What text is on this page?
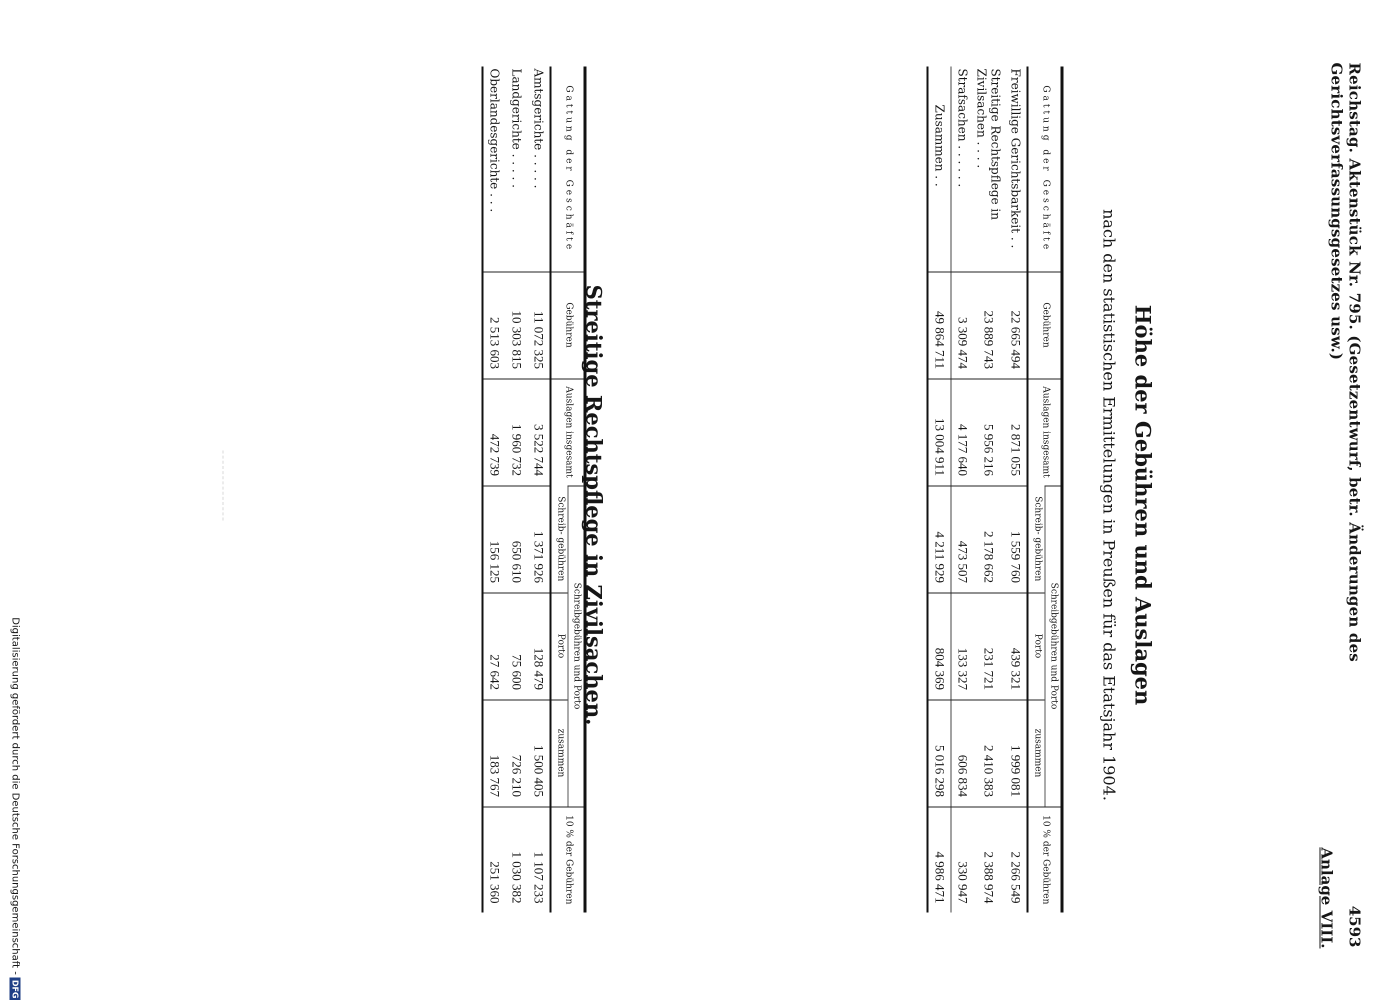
Reichstag. Aktenstück Nr. 795. (Gesetzentwurf, betr. Änderungen des Gerichtsverfassungsgesetzes usw.)
4593
Anlage VIII.
Höhe der Gebühren und Auslagen
nach den statistischen Ermittelungen in Preußen für das Etatsjahr 1904.
Gattung der Geschäfte	Gebühren	Auslagen insgesamt	Schreibgebühren und Porto			10 % der Gebühren
			Schreib- gebühren	Porto	zusammen	
Freiwillige Gerichtsbarkeit . .	22 665 494	2 871 055	1 559 760	439 321	1 999 081	2 266 549
Streitige Rechtspflege in Zivilsachen . . . .	23 889 743	5 956 216	2 178 662	231 721	2 410 383	2 388 974
Strafsachen . . . . . .	3 309 474	4 177 640	473 507	133 327	606 834	330 947
Zusammen . .	49 864 711	13 004 911	4 211 929	804 369	5 016 298	4 986 471
Streitige Rechtspflege in Zivilsachen.
Gattung der Geschäfte	Gebühren	Auslagen insgesamt	Schreibgebühren und Porto			10 % der Gebühren
			Schreib- gebühren	Porto	zusammen	
Amtsgerichte . . . . .	11 072 325	3 522 744	1 371 926	128 479	1 500 405	1 107 233
Landgerichte . . . . .	10 303 815	1 960 732	650 610	75 600	726 210	1 030 382
Oberlandesgerichte . . .	2 513 603	472 739	156 125	27 642	183 767	251 360
Digitalisierung gefördert durch die Deutsche Forschungsgemeinschaft -
DFG
